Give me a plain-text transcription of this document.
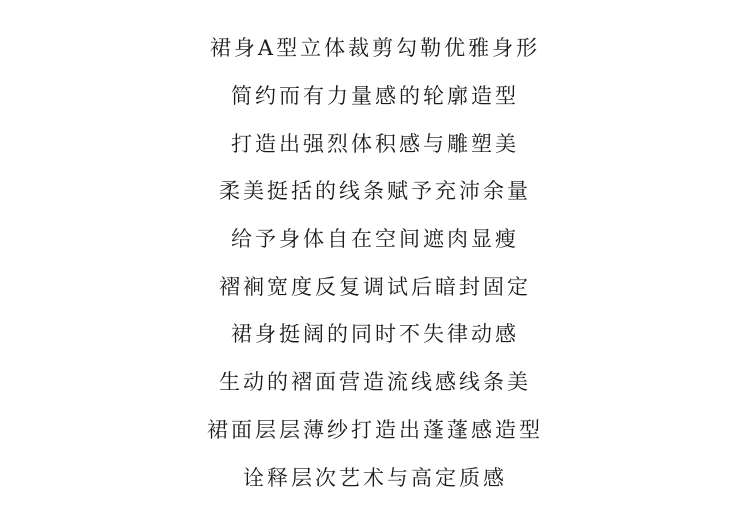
裙身A型立体裁剪勾勒优雅身形
简约而有力量感的轮廓造型
打造出强烈体积感与雕塑美
柔美挺括的线条赋予充沛余量
给予身体自在空间遮肉显瘦
褶裥宽度反复调试后暗封固定
裙身挺阔的同时不失律动感
生动的褶面营造流线感线条美
裙面层层薄纱打造出蓬蓬感造型
诠释层次艺术与高定质感
